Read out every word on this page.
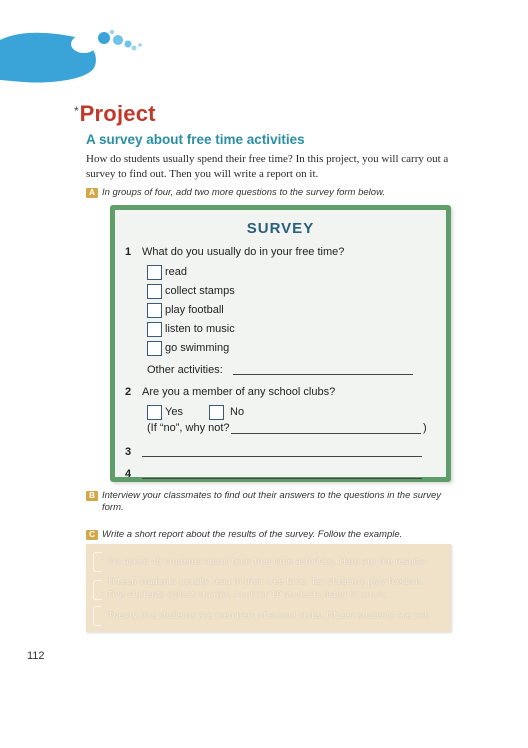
* Project
A survey about free time activities
How do students usually spend their free time? In this project, you will carry out a survey to find out. Then you will write a report on it.
A In groups of four, add two more questions to the survey form below.
SURVEY
1 What do you usually do in your free time?
read
collect stamps
play football
listen to music
go swimming
Other activities:
2 Are you a member of any school clubs?
Yes	No
(If “no”, why not?	)
3
4
B Interview your classmates to find out their answers to the questions in the survey form.
C Write a short report about the results of the survey. Follow the example.
We asked 40 students about their free time activities. Here are the results:
Fifteen students usually read in their free time. Ten students play football.
Five students collect stamps. Another 10 students listen to music.
Twenty-five students are members of school clubs. Fifteen students are not.
112
